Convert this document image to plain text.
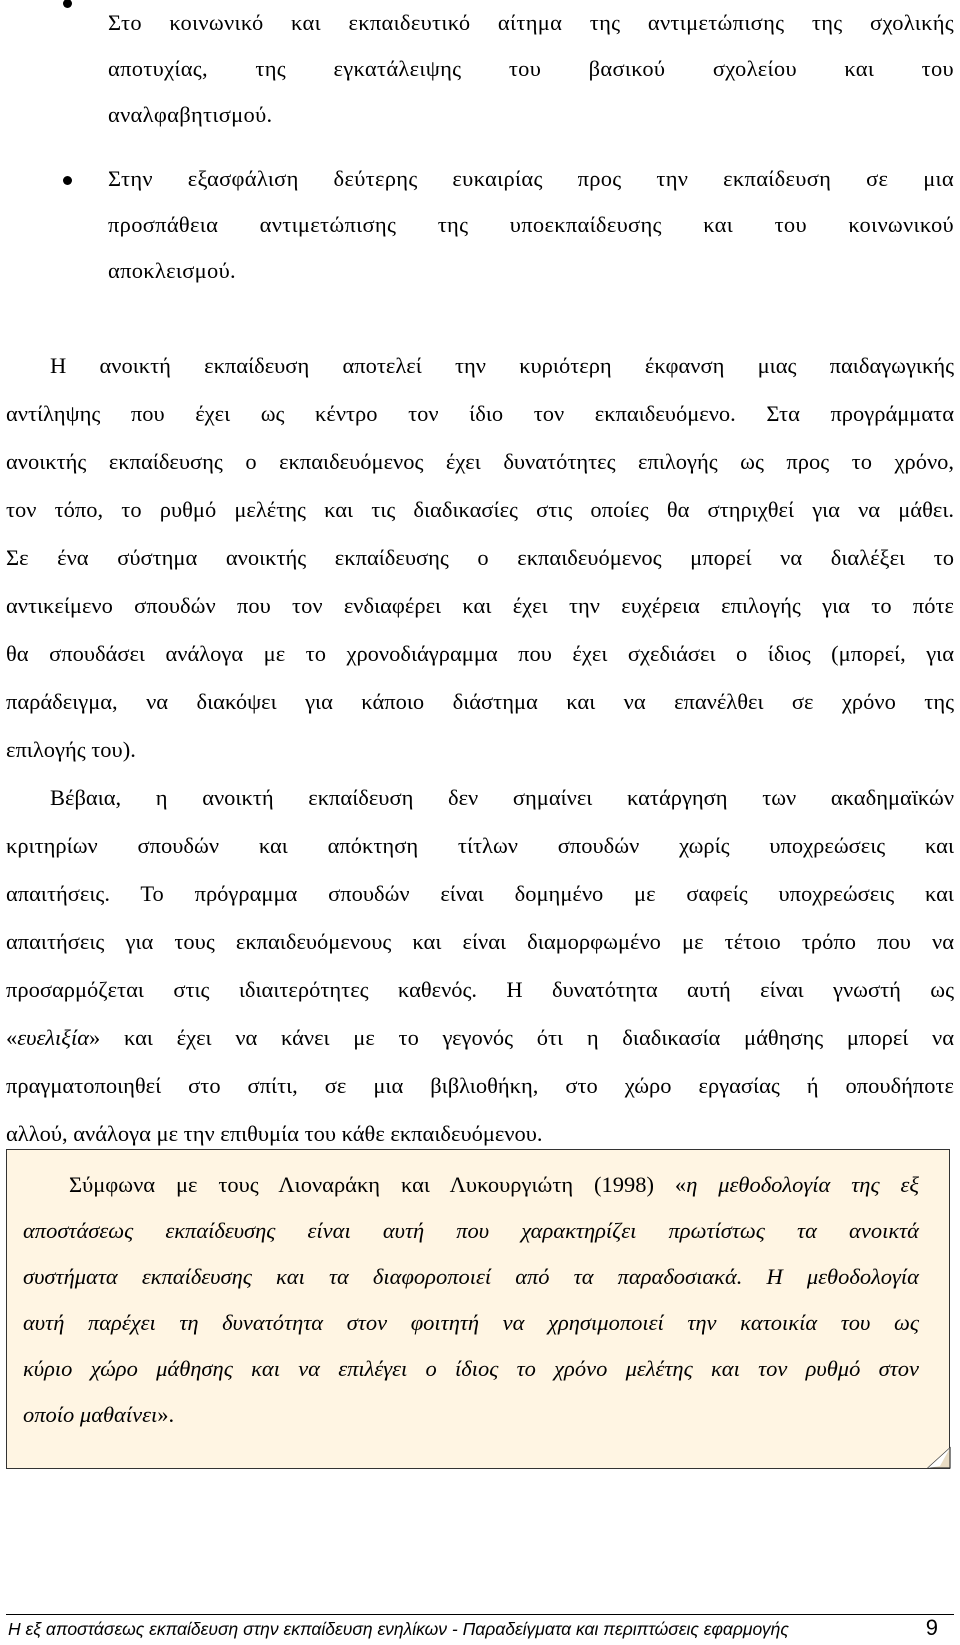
Στο κοινωνικό και εκπαιδευτικό αίτημα της αντιμετώπισης της σχολικής
αποτυχίας, της εγκατάλειψης του βασικού σχολείου και του
αναλφαβητισμού.
Στην εξασφάλιση δεύτερης ευκαιρίας προς την εκπαίδευση σε μια
προσπάθεια αντιμετώπισης της υποεκπαίδευσης και του κοινωνικού
αποκλεισμού.
Η ανοικτή εκπαίδευση αποτελεί την κυριότερη έκφανση μιας παιδαγωγικής
αντίληψης που έχει ως κέντρο τον ίδιο τον εκπαιδευόμενο. Στα προγράμματα
ανοικτής εκπαίδευσης ο εκπαιδευόμενος έχει δυνατότητες επιλογής ως προς το χρόνο,
τον τόπο, το ρυθμό μελέτης και τις διαδικασίες στις οποίες θα στηριχθεί για να μάθει.
Σε ένα σύστημα ανοικτής εκπαίδευσης ο εκπαιδευόμενος μπορεί να διαλέξει το
αντικείμενο σπουδών που τον ενδιαφέρει και έχει την ευχέρεια επιλογής για το πότε
θα σπουδάσει ανάλογα με το χρονοδιάγραμμα που έχει σχεδιάσει ο ίδιος (μπορεί, για
παράδειγμα, να διακόψει για κάποιο διάστημα και να επανέλθει σε χρόνο της
επιλογής του).
Βέβαια, η ανοικτή εκπαίδευση δεν σημαίνει κατάργηση των ακαδημαϊκών
κριτηρίων σπουδών και απόκτηση τίτλων σπουδών χωρίς υποχρεώσεις και
απαιτήσεις. Το πρόγραμμα σπουδών είναι δομημένο με σαφείς υποχρεώσεις και
απαιτήσεις για τους εκπαιδευόμενους και είναι διαμορφωμένο με τέτοιο τρόπο που να
προσαρμόζεται στις ιδιαιτερότητες καθενός. Η δυνατότητα αυτή είναι γνωστή ως
«ευελιξία» και έχει να κάνει με το γεγονός ότι η διαδικασία μάθησης μπορεί να
πραγματοποιηθεί στο σπίτι, σε μια βιβλιοθήκη, στο χώρο εργασίας ή οπουδήποτε
αλλού, ανάλογα με την επιθυμία του κάθε εκπαιδευόμενου.
Σύμφωνα με τους Λιοναράκη και Λυκουργιώτη (1998) «η μεθοδολογία της εξ
αποστάσεως εκπαίδευσης είναι αυτή που χαρακτηρίζει πρωτίστως τα ανοικτά
συστήματα εκπαίδευσης και τα διαφοροποιεί από τα παραδοσιακά. Η μεθοδολογία
αυτή παρέχει τη δυνατότητα στον φοιτητή να χρησιμοποιεί την κατοικία του ως
κύριο χώρο μάθησης και να επιλέγει ο ίδιος το χρόνο μελέτης και τον ρυθμό στον
οποίο μαθαίνει».
Η εξ αποστάσεως εκπαίδευση στην εκπαίδευση ενηλίκων - Παραδείγματα και περιπτώσεις εφαρμογής	9
